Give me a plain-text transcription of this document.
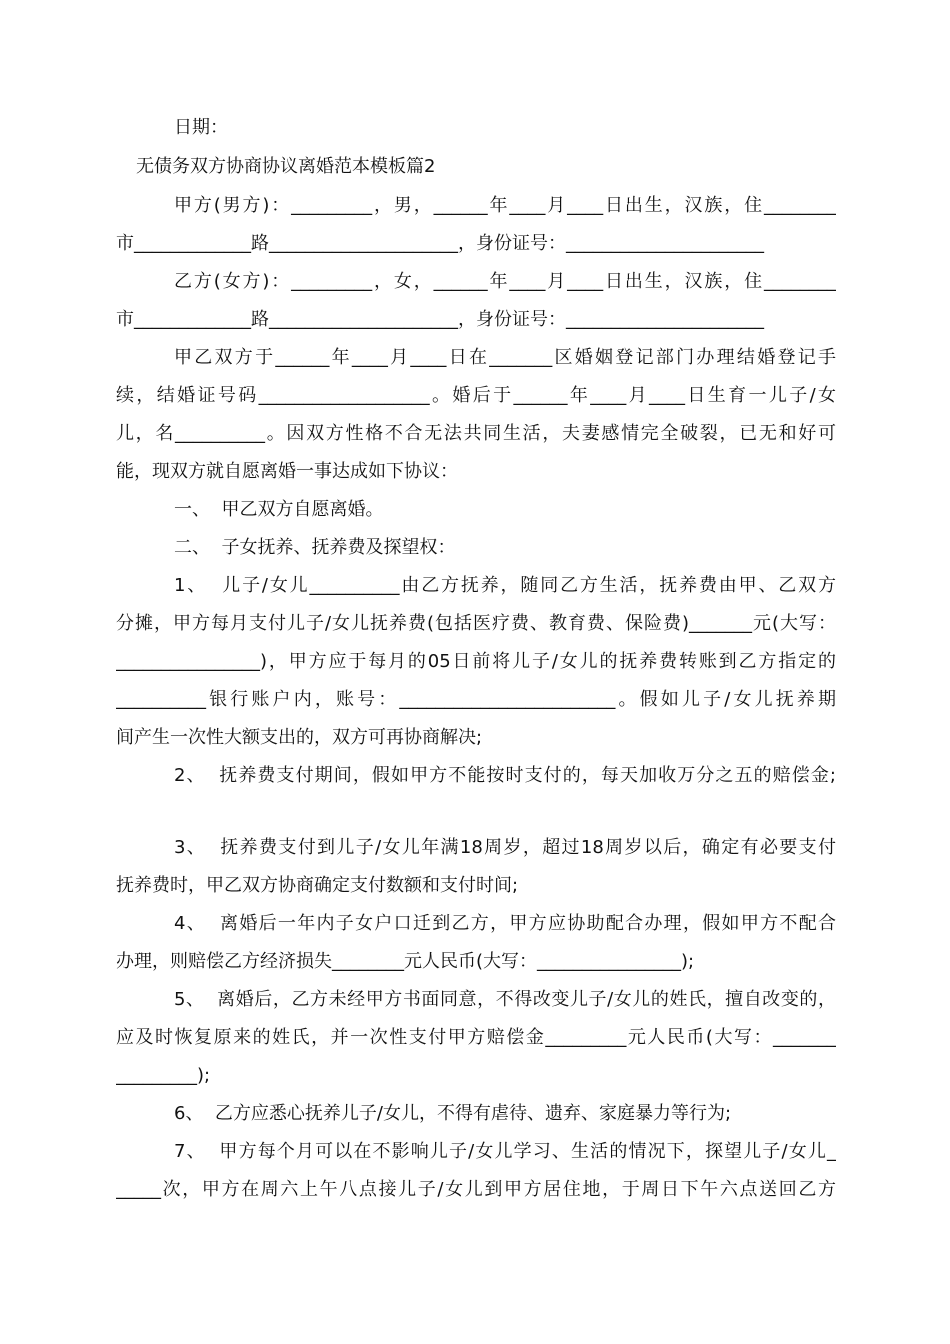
日期：
无债务双方协商协议离婚范本模板篇2
甲方(男方)：_________，男，______年____月____日出生，汉族，住________
市_____________路_____________________，身份证号：______________________
乙方(女方)：_________，女，______年____月____日出生，汉族，住________
市_____________路_____________________，身份证号：______________________
甲乙双方于______年____月____日在_______区婚姻登记部门办理结婚登记手
续，结婚证号码___________________。婚后于______年____月____日生育一儿子/女
儿，名__________。因双方性格不合无法共同生活，夫妻感情完全破裂，已无和好可
能，现双方就自愿离婚一事达成如下协议：
一、  甲乙双方自愿离婚。
二、  子女抚养、抚养费及探望权：
1、  儿子/女儿__________由乙方抚养，随同乙方生活，抚养费由甲、乙双方
分摊，甲方每月支付儿子/女儿抚养费(包括医疗费、教育费、保险费)_______元(大写：
________________)，甲方应于每月的05日前将儿子/女儿的抚养费转账到乙方指定的
__________银行账户内，账号：________________________。假如儿子/女儿抚养期
间产生一次性大额支出的，双方可再协商解决;
2、  抚养费支付期间，假如甲方不能按时支付的，每天加收万分之五的赔偿金;
3、  抚养费支付到儿子/女儿年满18周岁，超过18周岁以后，确定有必要支付
抚养费时，甲乙双方协商确定支付数额和支付时间;
4、  离婚后一年内子女户口迁到乙方，甲方应协助配合办理，假如甲方不配合
办理，则赔偿乙方经济损失________元人民币(大写：________________);
5、  离婚后，乙方未经甲方书面同意，不得改变儿子/女儿的姓氏，擅自改变的，
应及时恢复原来的姓氏，并一次性支付甲方赔偿金_________元人民币(大写：_______
_________);
6、  乙方应悉心抚养儿子/女儿，不得有虐待、遗弃、家庭暴力等行为;
7、  甲方每个月可以在不影响儿子/女儿学习、生活的情况下，探望儿子/女儿_
_____次，甲方在周六上午八点接儿子/女儿到甲方居住地，于周日下午六点送回乙方
